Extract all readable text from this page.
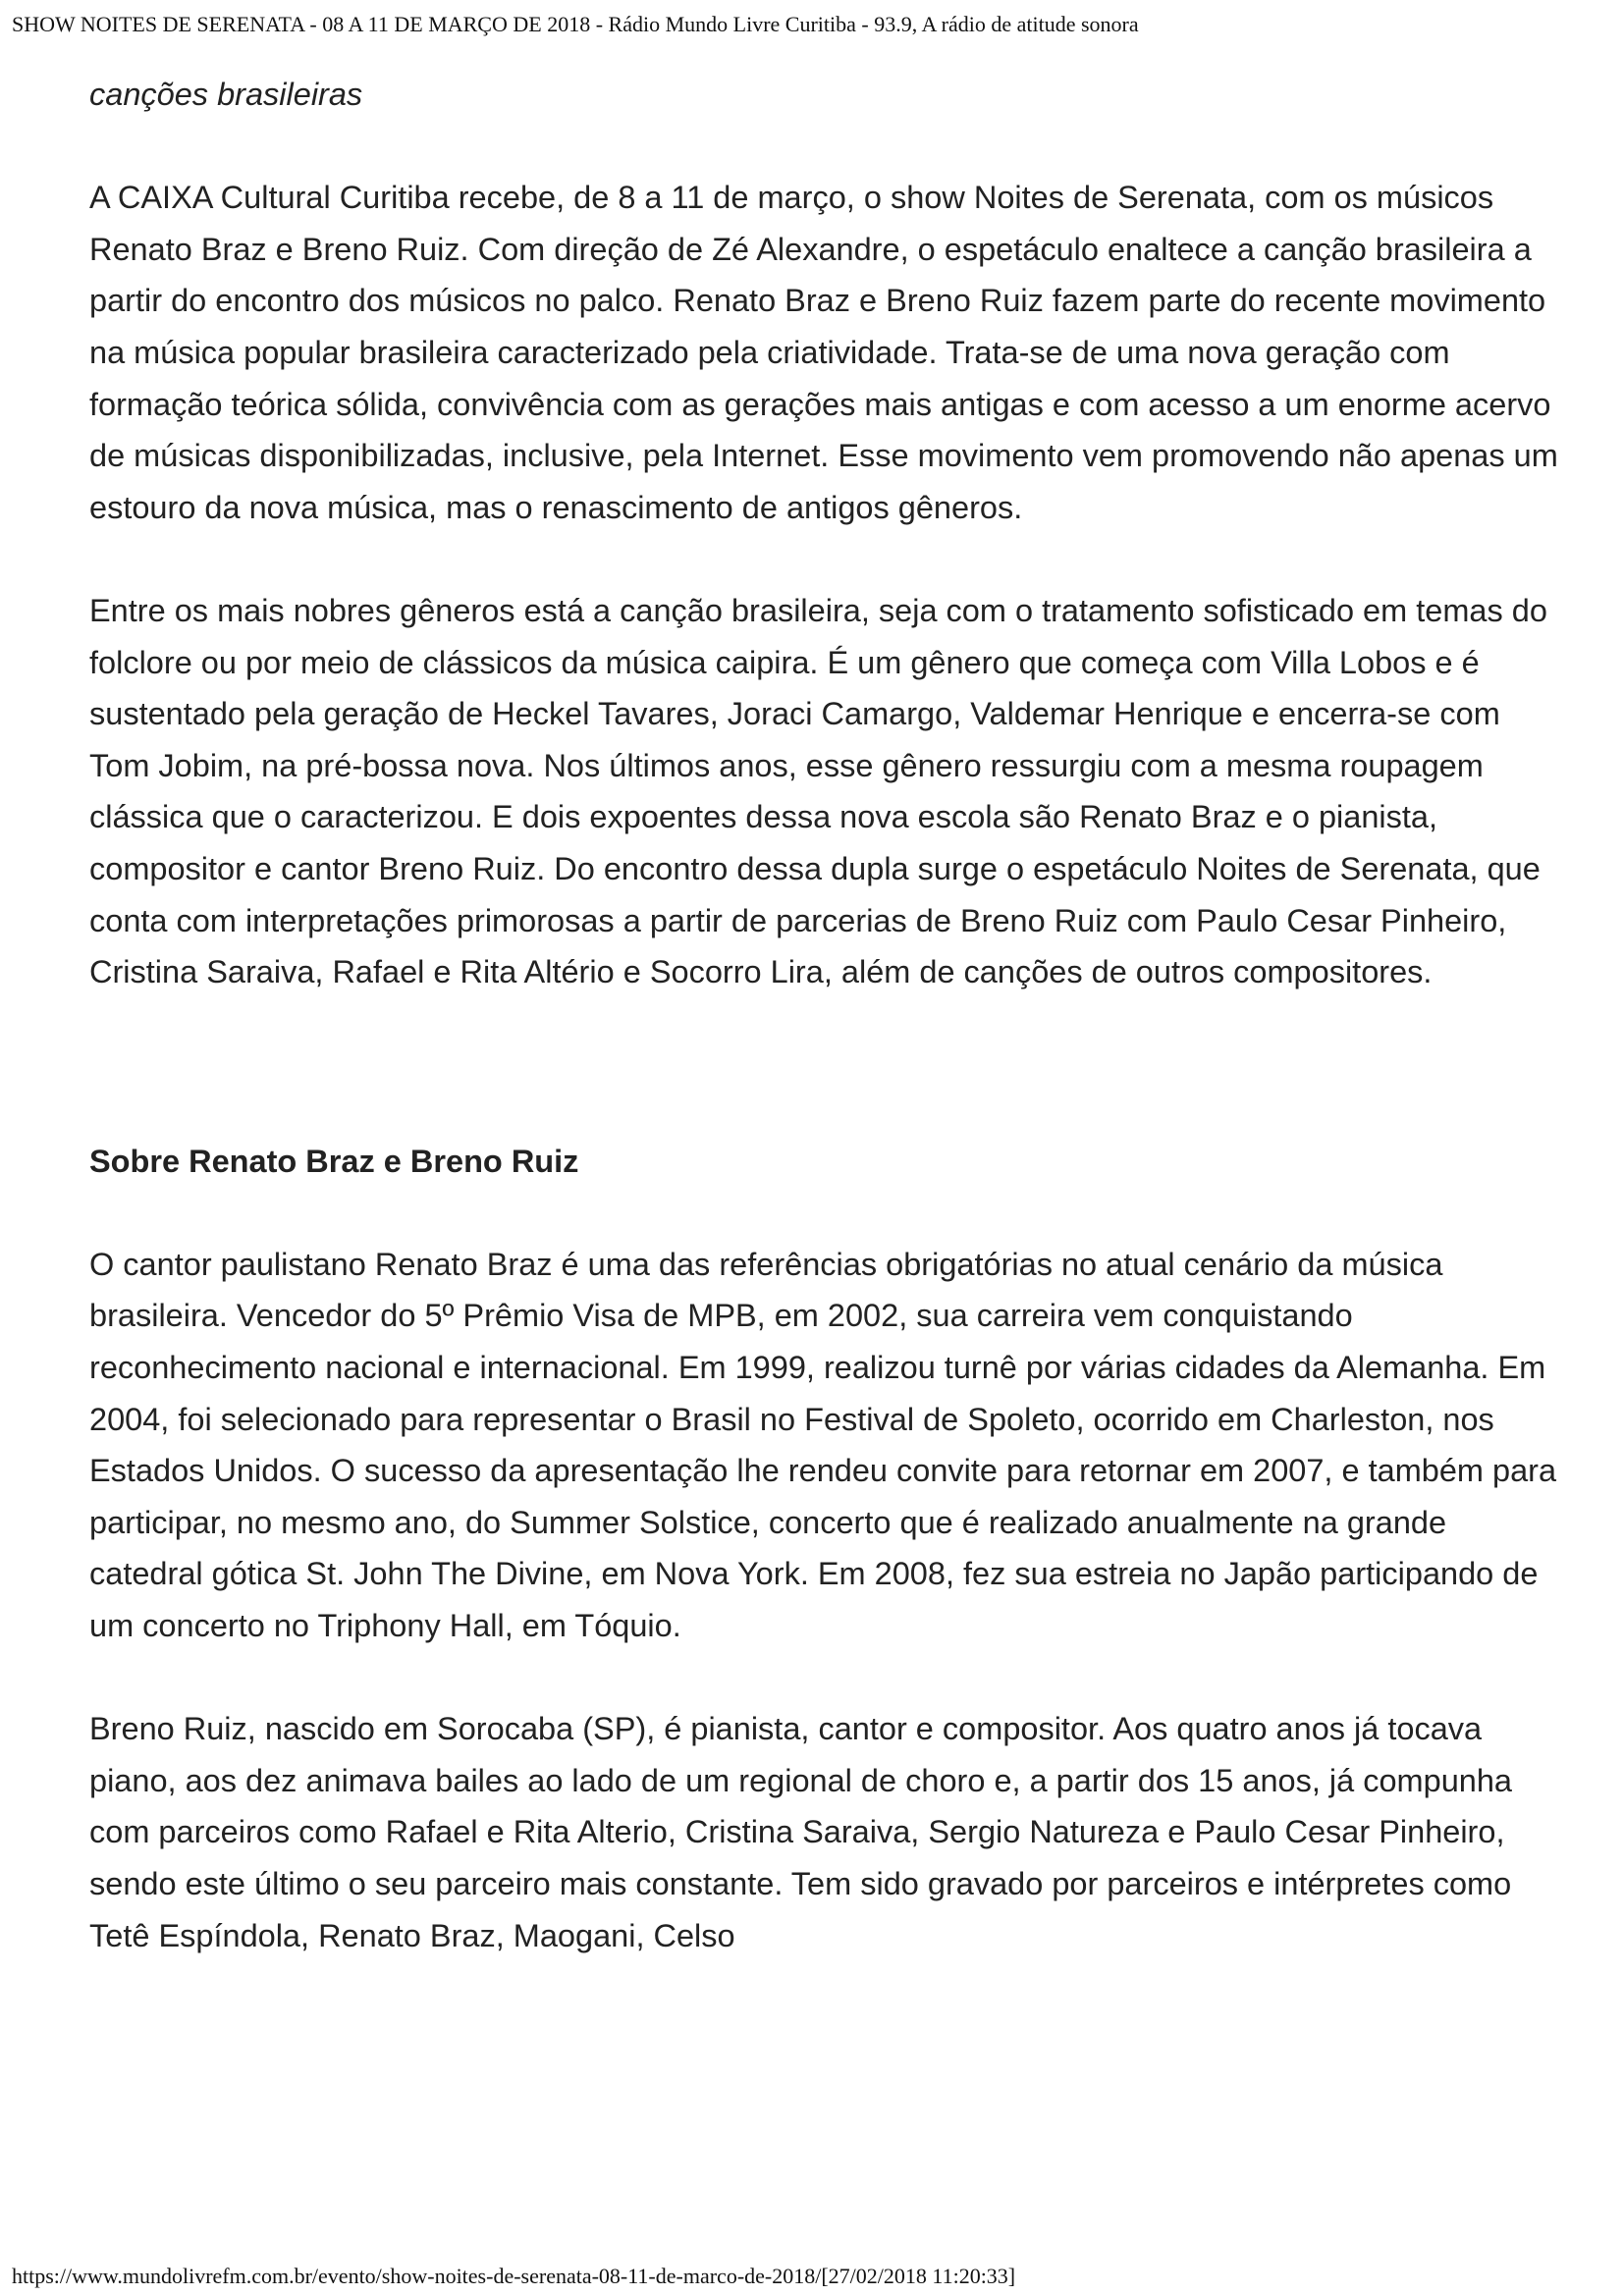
SHOW NOITES DE SERENATA - 08 A 11 DE MARÇO DE 2018 - Rádio Mundo Livre Curitiba - 93.9, A rádio de atitude sonora

canções brasileiras

A CAIXA Cultural Curitiba recebe, de 8 a 11 de março, o show Noites de Serenata, com os músicos Renato Braz e Breno Ruiz. Com direção de Zé Alexandre, o espetáculo enaltece a canção brasileira a partir do encontro dos músicos no palco. Renato Braz e Breno Ruiz fazem parte do recente movimento na música popular brasileira caracterizado pela criatividade. Trata-se de uma nova geração com formação teórica sólida, convivência com as gerações mais antigas e com acesso a um enorme acervo de músicas disponibilizadas, inclusive, pela Internet. Esse movimento vem promovendo não apenas um estouro da nova música, mas o renascimento de antigos gêneros.

Entre os mais nobres gêneros está a canção brasileira, seja com o tratamento sofisticado em temas do folclore ou por meio de clássicos da música caipira. É um gênero que começa com Villa Lobos e é sustentado pela geração de Heckel Tavares, Joraci Camargo, Valdemar Henrique e encerra-se com Tom Jobim, na pré-bossa nova. Nos últimos anos, esse gênero ressurgiu com a mesma roupagem clássica que o caracterizou. E dois expoentes dessa nova escola são Renato Braz e o pianista, compositor e cantor Breno Ruiz. Do encontro dessa dupla surge o espetáculo Noites de Serenata, que conta com interpretações primorosas a partir de parcerias de Breno Ruiz com Paulo Cesar Pinheiro, Cristina Saraiva, Rafael e Rita Altério e Socorro Lira, além de canções de outros compositores.

Sobre Renato Braz e Breno Ruiz

O cantor paulistano Renato Braz é uma das referências obrigatórias no atual cenário da música brasileira. Vencedor do 5º Prêmio Visa de MPB, em 2002, sua carreira vem conquistando reconhecimento nacional e internacional. Em 1999, realizou turnê por várias cidades da Alemanha. Em 2004, foi selecionado para representar o Brasil no Festival de Spoleto, ocorrido em Charleston, nos Estados Unidos. O sucesso da apresentação lhe rendeu convite para retornar em 2007, e também para participar, no mesmo ano, do Summer Solstice, concerto que é realizado anualmente na grande catedral gótica St. John The Divine, em Nova York. Em 2008, fez sua estreia no Japão participando de um concerto no Triphony Hall, em Tóquio.

Breno Ruiz, nascido em Sorocaba (SP), é pianista, cantor e compositor. Aos quatro anos já tocava piano, aos dez animava bailes ao lado de um regional de choro e, a partir dos 15 anos, já compunha com parceiros como Rafael e Rita Alterio, Cristina Saraiva, Sergio Natureza e Paulo Cesar Pinheiro, sendo este último o seu parceiro mais constante. Tem sido gravado por parceiros e intérpretes como Tetê Espíndola, Renato Braz, Maogani, Celso

https://www.mundolivrefm.com.br/evento/show-noites-de-serenata-08-11-de-marco-de-2018/[27/02/2018 11:20:33]
